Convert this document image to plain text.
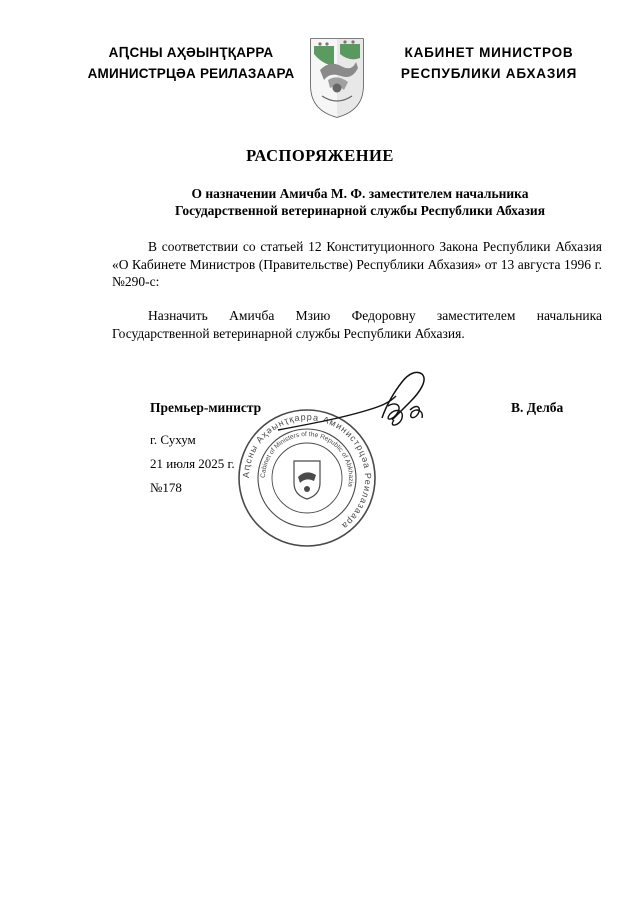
АԤСНЫ АҲӘЫНҬҚАРРА
АМИНИСТРЦӘА РЕИЛАЗААРА
КАБИНЕТ МИНИСТРОВ
РЕСПУБЛИКИ АБХАЗИЯ
РАСПОРЯЖЕНИЕ
О назначении Амичба М. Ф. заместителем начальника
Государственной ветеринарной службы Республики Абхазия
В соответствии со статьей 12 Конституционного Закона Республики Абхазия «О Кабинете Министров (Правительстве) Республики Абхазия» от 13 августа 1996 г. №290-с:
Назначить Амичба Мзию Федоровну заместителем начальника Государственной ветеринарной службы Республики Абхазия.
Аԥсны Аҳәынҭқарра Аминистрцәа Реилазаара
Cabinet of Ministers of the Republic of Abkhazia
Премьер-министр	В. Делба
г. Сухум
21 июля 2025 г.
№178
